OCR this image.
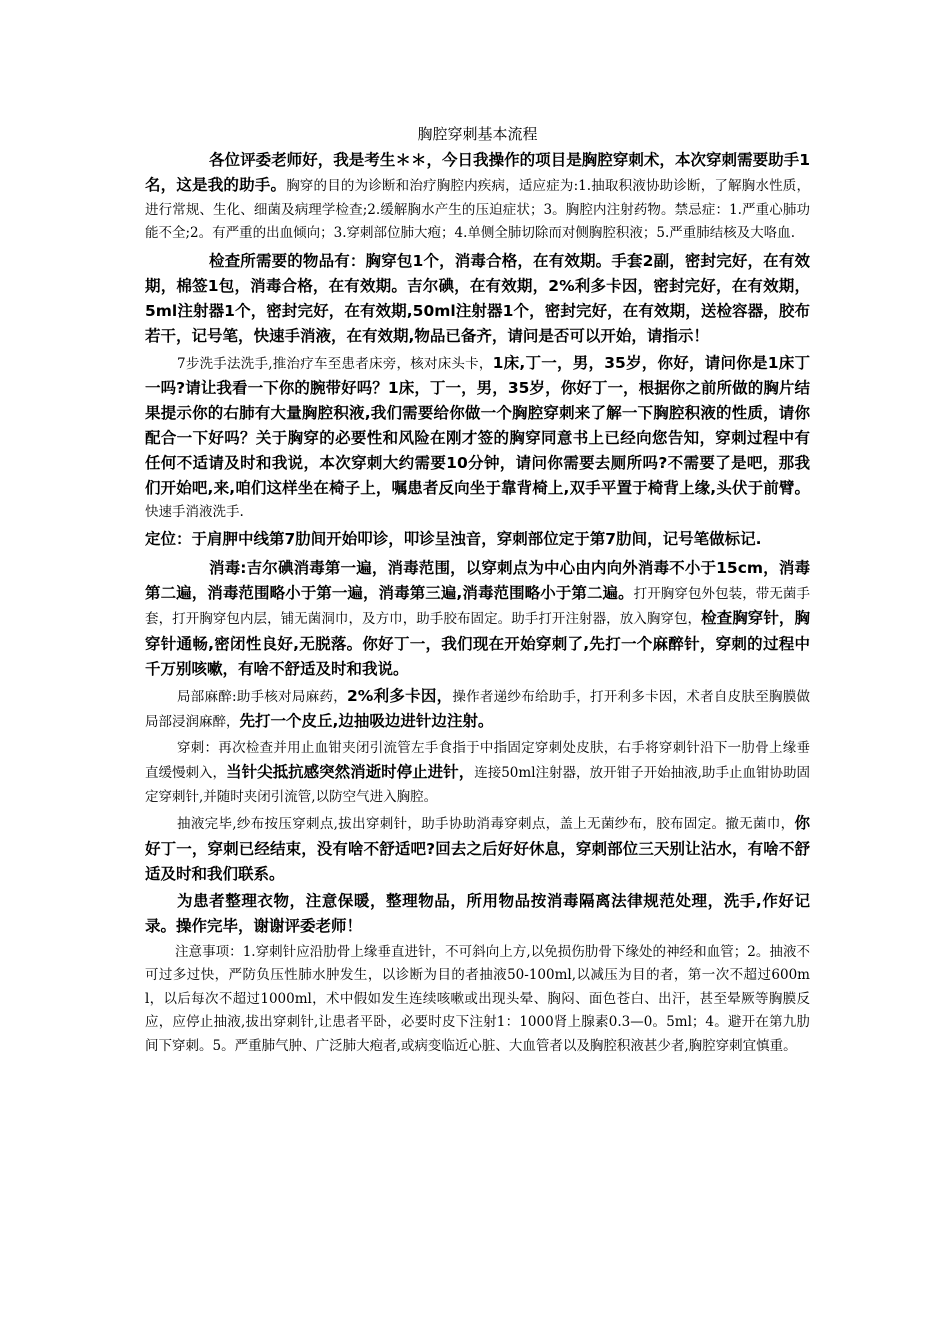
胸腔穿刺基本流程

各位评委老师好，我是考生＊＊，今日我操作的项目是胸腔穿刺术，本次穿刺需要助手1名，这是我的助手。胸穿的目的为诊断和治疗胸腔内疾病，适应症为:1.抽取积液协助诊断，了解胸水性质，进行常规、生化、细菌及病理学检查;2.缓解胸水产生的压迫症状；3。胸腔内注射药物。禁忌症：1.严重心肺功能不全;2。有严重的出血倾向；3.穿刺部位肺大疱；4.单侧全肺切除而对侧胸腔积液；5.严重肺结核及大咯血.

检查所需要的物品有：胸穿包1个，消毒合格，在有效期。手套2副，密封完好，在有效期，棉签1包，消毒合格，在有效期。吉尔碘，在有效期，2%利多卡因，密封完好，在有效期，5ml注射器1个，密封完好，在有效期,50ml注射器1个，密封完好，在有效期，送检容器，胶布若干，记号笔，快速手消液，在有效期,物品已备齐，请问是否可以开始，请指示！

7步洗手法洗手,推治疗车至患者床旁，核对床头卡，1床,丁一，男，35岁，你好，请问你是1床丁一吗?请让我看一下你的腕带好吗？1床，丁一，男，35岁，你好丁一，根据你之前所做的胸片结果提示你的右肺有大量胸腔积液,我们需要给你做一个胸腔穿刺来了解一下胸腔积液的性质，请你配合一下好吗？关于胸穿的必要性和风险在刚才签的胸穿同意书上已经向您告知，穿刺过程中有任何不适请及时和我说，本次穿刺大约需要10分钟，请问你需要去厕所吗?不需要了是吧，那我们开始吧,来,咱们这样坐在椅子上，嘱患者反向坐于靠背椅上,双手平置于椅背上缘,头伏于前臂。快速手消液洗手.

定位：于肩胛中线第7肋间开始叩诊，叩诊呈浊音，穿刺部位定于第7肋间，记号笔做标记.

消毒:吉尔碘消毒第一遍，消毒范围，以穿刺点为中心由内向外消毒不小于15cm，消毒第二遍，消毒范围略小于第一遍，消毒第三遍,消毒范围略小于第二遍。打开胸穿包外包装，带无菌手套，打开胸穿包内层，铺无菌洞巾，及方巾，助手胶布固定。助手打开注射器，放入胸穿包，检查胸穿针，胸穿针通畅,密闭性良好,无脱落。你好丁一，我们现在开始穿刺了,先打一个麻醉针，穿刺的过程中千万别咳嗽，有啥不舒适及时和我说。

局部麻醉:助手核对局麻药，2%利多卡因，操作者递纱布给助手，打开利多卡因，术者自皮肤至胸膜做局部浸润麻醉，先打一个皮丘,边抽吸边进针边注射。

穿刺：再次检查并用止血钳夹闭引流管左手食指于中指固定穿刺处皮肤，右手将穿刺针沿下一肋骨上缘垂直缓慢刺入，当针尖抵抗感突然消逝时停止进针，连接50ml注射器，放开钳子开始抽液,助手止血钳协助固定穿刺针,并随时夹闭引流管,以防空气进入胸腔。

抽液完毕,纱布按压穿刺点,拔出穿刺针，助手协助消毒穿刺点，盖上无菌纱布，胶布固定。撤无菌巾，你好丁一，穿刺已经结束，没有啥不舒适吧?回去之后好好休息，穿刺部位三天别让沾水，有啥不舒适及时和我们联系。

为患者整理衣物，注意保暖，整理物品，所用物品按消毒隔离法律规范处理，洗手,作好记录。操作完毕，谢谢评委老师！

注意事项：1.穿刺针应沿肋骨上缘垂直进针，不可斜向上方,以免损伤肋骨下缘处的神经和血管；2。抽液不可过多过快，严防负压性肺水肿发生，以诊断为目的者抽液50-100ml,以减压为目的者，第一次不超过600ml，以后每次不超过1000ml，术中假如发生连续咳嗽或出现头晕、胸闷、面色苍白、出汗，甚至晕厥等胸膜反应，应停止抽液,拔出穿刺针,让患者平卧，必要时皮下注射1：1000肾上腺素0.3—0。5ml；4。避开在第九肋间下穿刺。5。严重肺气肿、广泛肺大疱者,或病变临近心脏、大血管者以及胸腔积液甚少者,胸腔穿刺宜慎重。
